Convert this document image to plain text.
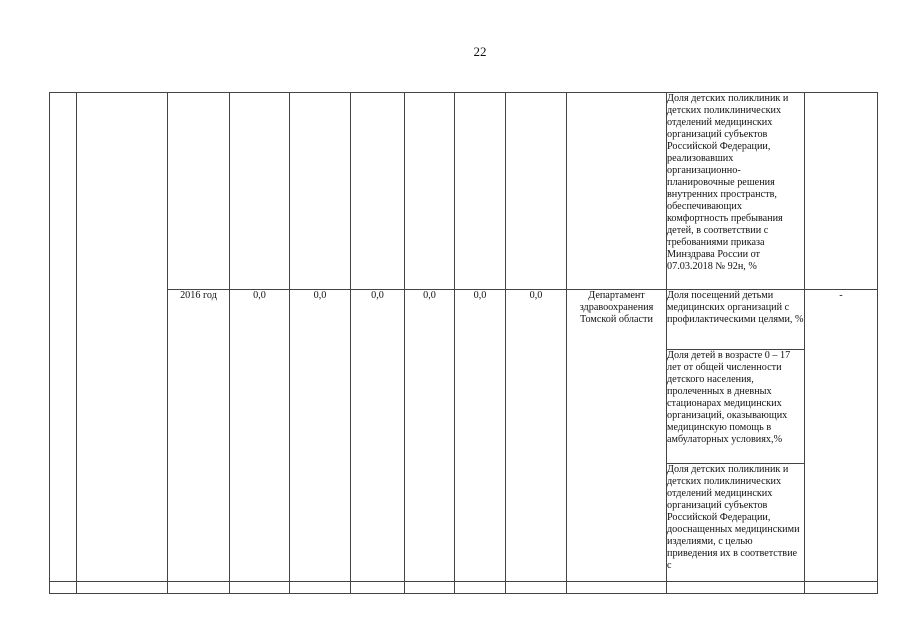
22
										Доля детских поликлиник и детских поликлинических отделений медицинских организаций субъектов Российской Федерации, реализовавших организационно-планировочные решения внутренних пространств, обеспечивающих комфортность пребывания детей, в соответствии с требованиями приказа Минздрава России от 07.03.2018 № 92н, %	
		2016 год	0,0	0,0	0,0	0,0	0,0	0,0	Департамент здравоохранения Томской области	Доля посещений детьми медицинских организаций с профилактическими целями, %	-
										Доля детей в возрасте 0 – 17 лет от общей численности детского населения, пролеченных в дневных стационарах медицинских организаций, оказывающих медицинскую помощь в амбулаторных условиях,%	
										Доля детских поликлиник и детских поликлинических отделений медицинских организаций субъектов Российской Федерации, дооснащенных медицинскими изделиями, с целью приведения их в соответствие с	
